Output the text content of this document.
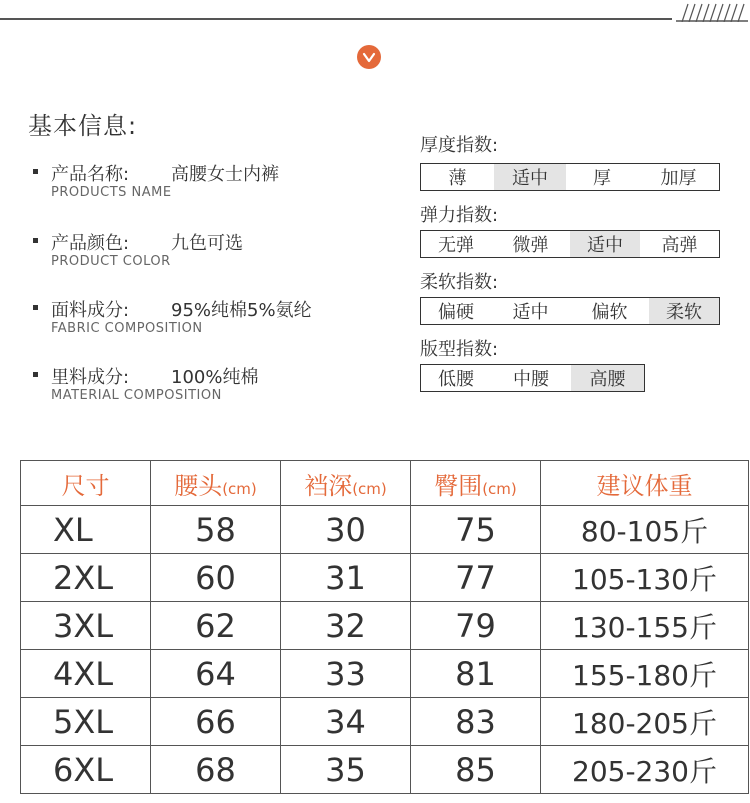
基本信息:
产品名称: 高腰女士内裤
PRODUCTS NAME
产品颜色: 九色可选
PRODUCT COLOR
面料成分: 95%纯棉5%氨纶
FABRIC COMPOSITION
里料成分: 100%纯棉
MATERIAL COMPOSITION
厚度指数:
薄	适中	厚	加厚
弹力指数:
无弹	微弹	适中	高弹
柔软指数:
偏硬	适中	偏软	柔软
版型指数:
低腰	中腰	高腰
尺寸	腰头(cm)	裆深(cm)	臀围(cm)	建议体重
XL	58	30	75	80-105斤
2XL	60	31	77	105-130斤
3XL	62	32	79	130-155斤
4XL	64	33	81	155-180斤
5XL	66	34	83	180-205斤
6XL	68	35	85	205-230斤
